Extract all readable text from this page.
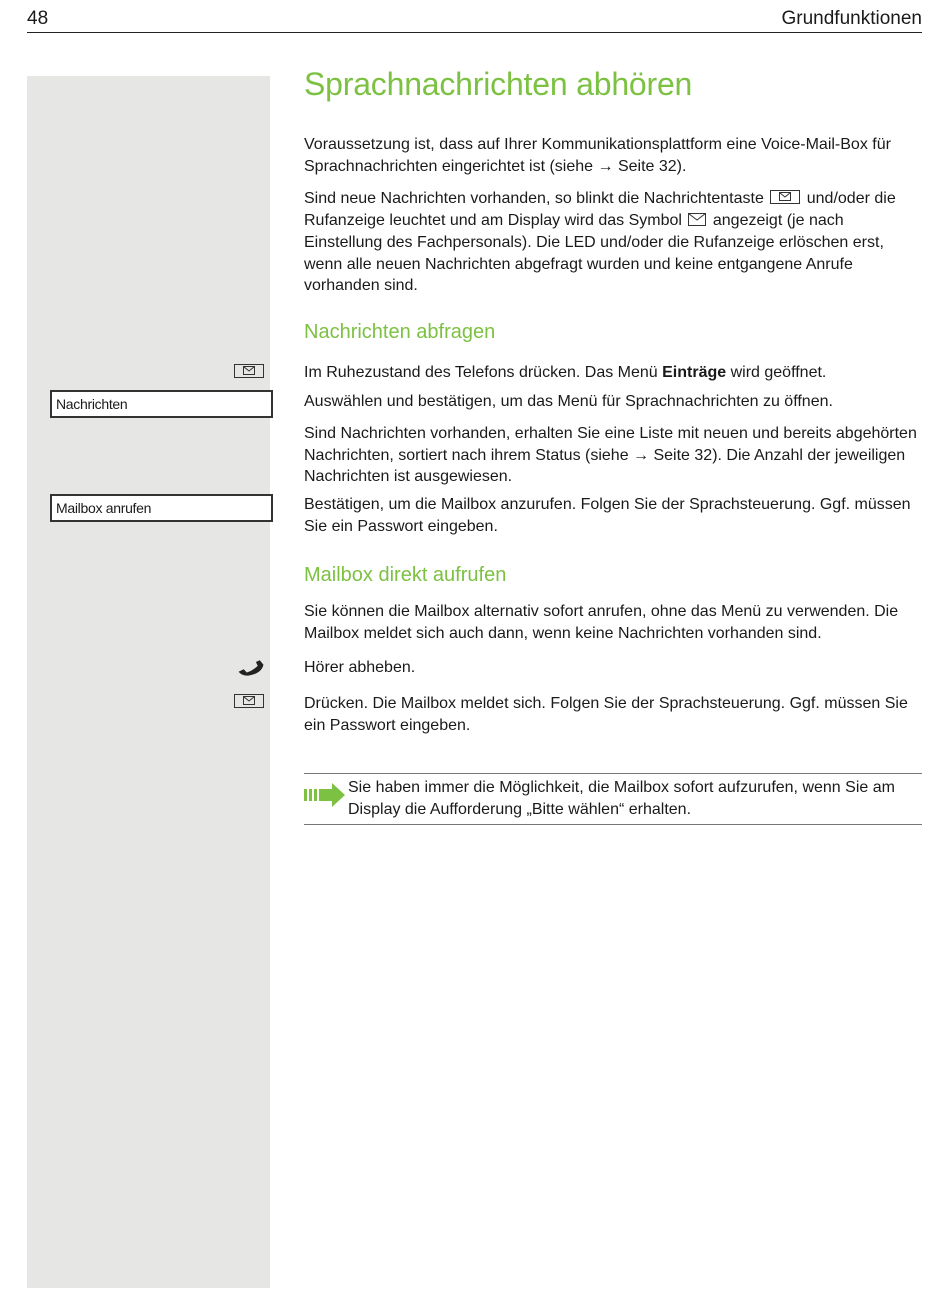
48	Grundfunktionen
Sprachnachrichten abhören
Voraussetzung ist, dass auf Ihrer Kommunikationsplattform eine Voice-Mail-Box für Sprachnachrichten eingerichtet ist (siehe → Seite 32).
Sind neue Nachrichten vorhanden, so blinkt die Nachrichtentaste	und/oder die Rufanzeige leuchtet und am Display wird das Symbol angezeigt (je nach Einstellung des Fachpersonals). Die LED und/oder die Rufanzeige erlöschen erst, wenn alle neuen Nachrichten abgefragt wurden und keine entgangene Anrufe vorhanden sind.
Nachrichten abfragen
Im Ruhezustand des Telefons drücken. Das Menü Einträge wird geöffnet.
Nachrichten	Auswählen und bestätigen, um das Menü für Sprachnachrichten zu öffnen.
Sind Nachrichten vorhanden, erhalten Sie eine Liste mit neuen und bereits abgehörten Nachrichten, sortiert nach ihrem Status (siehe → Seite 32). Die Anzahl der jeweiligen Nachrichten ist ausgewiesen.
Mailbox anrufen	Bestätigen, um die Mailbox anzurufen. Folgen Sie der Sprachsteuerung. Ggf. müssen Sie ein Passwort eingeben.
Mailbox direkt aufrufen
Sie können die Mailbox alternativ sofort anrufen, ohne das Menü zu verwenden. Die Mailbox meldet sich auch dann, wenn keine Nachrichten vorhanden sind.
Hörer abheben.
Drücken. Die Mailbox meldet sich. Folgen Sie der Sprachsteuerung. Ggf. müssen Sie ein Passwort eingeben.
Sie haben immer die Möglichkeit, die Mailbox sofort aufzurufen, wenn Sie am Display die Aufforderung „Bitte wählen“ erhalten.
